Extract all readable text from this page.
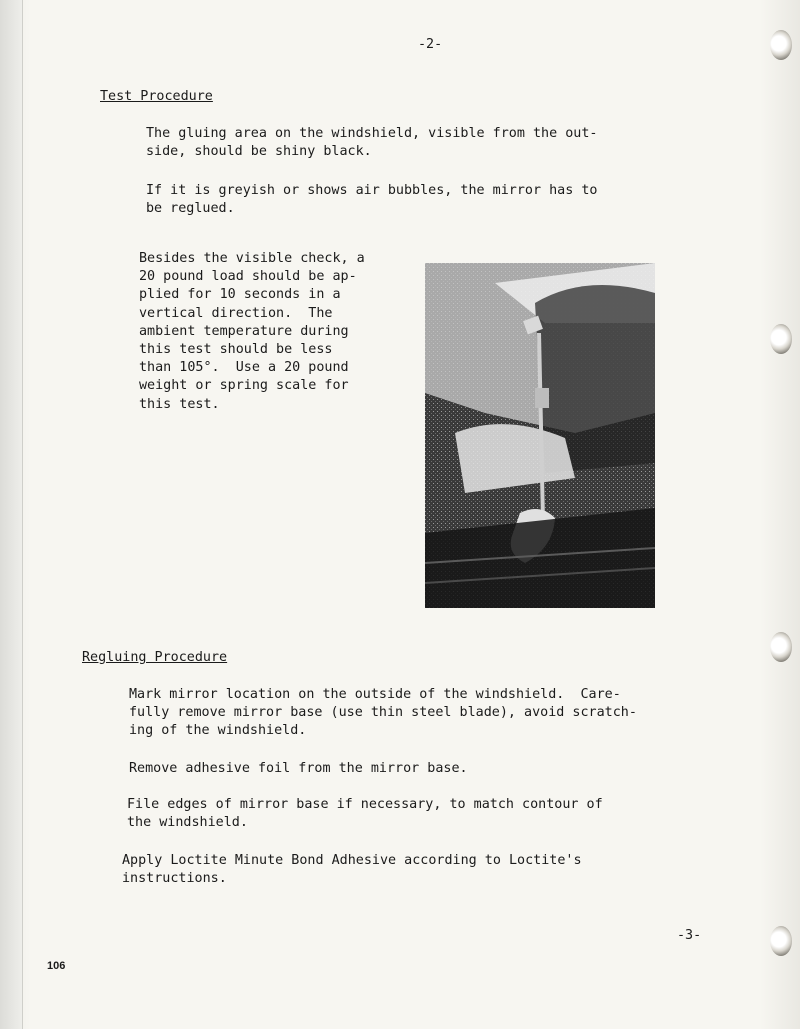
-2-
Test Procedure
The gluing area on the windshield, visible from the out-
side, should be shiny black.
If it is greyish or shows air bubbles, the mirror has to
be reglued.
Besides the visible check, a
20 pound load should be ap-
plied for 10 seconds in a
vertical direction.  The
ambient temperature during
this test should be less
than 105°.  Use a 20 pound
weight or spring scale for
this test.
Regluing Procedure
Mark mirror location on the outside of the windshield.  Care-
fully remove mirror base (use thin steel blade), avoid scratch-
ing of the windshield.
Remove adhesive foil from the mirror base.
File edges of mirror base if necessary, to match contour of
the windshield.
Apply Loctite Minute Bond Adhesive according to Loctite's
instructions.
-3-
106
